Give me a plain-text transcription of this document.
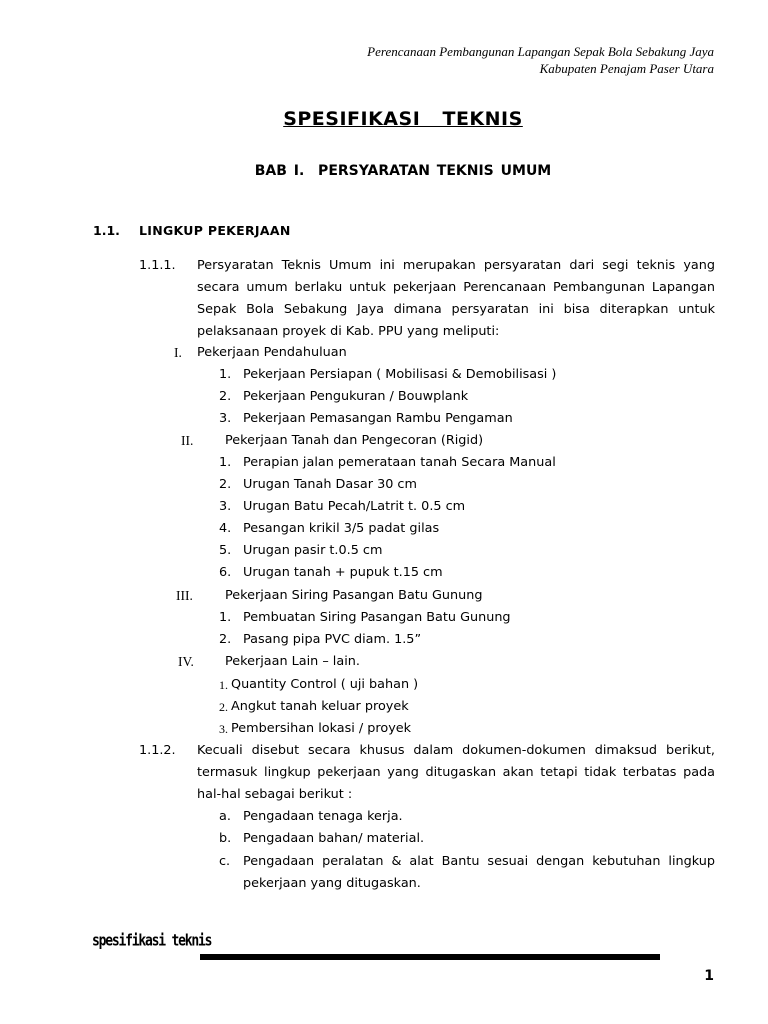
Perencanaan Pembangunan Lapangan Sepak Bola Sebakung Jaya
Kabupaten Penajam Paser Utara
SPESIFIKASI  TEKNIS
BAB I.  PERSYARATAN TEKNIS UMUM
1.1. LINGKUP PEKERJAAN
1.1.1. Persyaratan Teknis Umum ini merupakan persyaratan dari segi teknis yang
secara umum berlaku untuk pekerjaan Perencanaan Pembangunan Lapangan
Sepak Bola Sebakung Jaya dimana persyaratan ini bisa diterapkan untuk
pelaksanaan proyek di Kab. PPU yang meliputi:
I. Pekerjaan Pendahuluan
1. Pekerjaan Persiapan ( Mobilisasi & Demobilisasi )
2. Pekerjaan Pengukuran / Bouwplank
3. Pekerjaan Pemasangan Rambu Pengaman
II. Pekerjaan Tanah dan Pengecoran (Rigid)
1. Perapian jalan pemerataan tanah Secara Manual
2. Urugan Tanah Dasar 30 cm
3. Urugan Batu Pecah/Latrit t. 0.5 cm
4. Pesangan krikil 3/5 padat gilas
5. Urugan pasir t.0.5 cm
6. Urugan tanah + pupuk t.15 cm
III.	Pekerjaan Siring Pasangan Batu Gunung
1. Pembuatan Siring Pasangan Batu Gunung
2. Pasang pipa PVC diam. 1.5”
IV. Pekerjaan Lain – lain.
1. Quantity Control ( uji bahan )
2. Angkut tanah keluar proyek
3. Pembersihan lokasi / proyek
1.1.2. Kecuali disebut secara khusus dalam dokumen-dokumen dimaksud berikut,
termasuk lingkup pekerjaan yang ditugaskan akan tetapi tidak terbatas pada
hal-hal sebagai berikut :
a. Pengadaan tenaga kerja.
b. Pengadaan bahan/ material.
c. Pengadaan peralatan & alat Bantu sesuai dengan kebutuhan lingkup
pekerjaan yang ditugaskan.
spesifikasi teknis
1
